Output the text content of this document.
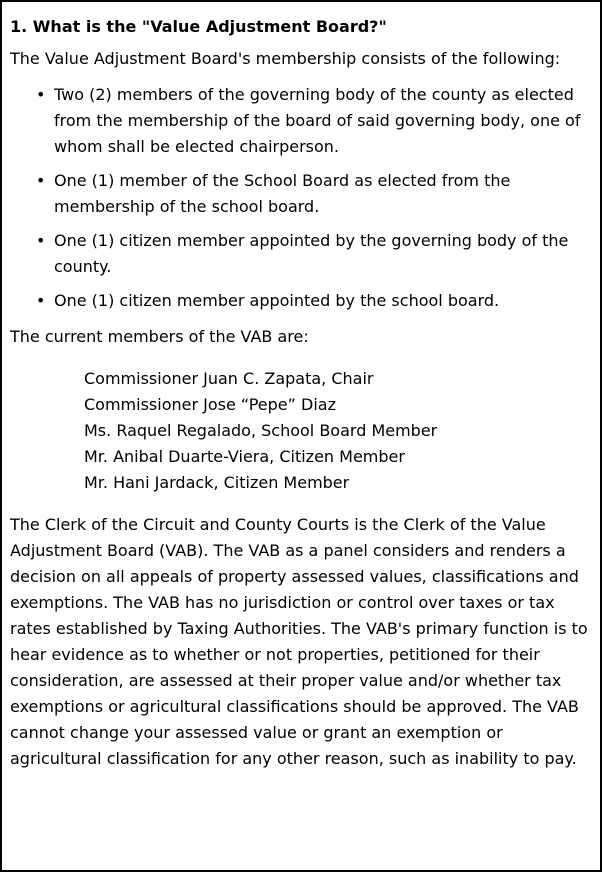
1. What is the "Value Adjustment Board?"

The Value Adjustment Board's membership consists of the following:

• Two (2) members of the governing body of the county as elected from the membership of the board of said governing body, one of whom shall be elected chairperson.
• One (1) member of the School Board as elected from the membership of the school board.
• One (1) citizen member appointed by the governing body of the county.
• One (1) citizen member appointed by the school board.

The current members of the VAB are:

Commissioner Juan C. Zapata, Chair
Commissioner Jose “Pepe” Diaz
Ms. Raquel Regalado, School Board Member
Mr. Anibal Duarte-Viera, Citizen Member
Mr. Hani Jardack, Citizen Member

The Clerk of the Circuit and County Courts is the Clerk of the Value Adjustment Board (VAB). The VAB as a panel considers and renders a decision on all appeals of property assessed values, classifications and exemptions. The VAB has no jurisdiction or control over taxes or tax rates established by Taxing Authorities. The VAB's primary function is to hear evidence as to whether or not properties, petitioned for their consideration, are assessed at their proper value and/or whether tax exemptions or agricultural classifications should be approved. The VAB cannot change your assessed value or grant an exemption or agricultural classification for any other reason, such as inability to pay.
